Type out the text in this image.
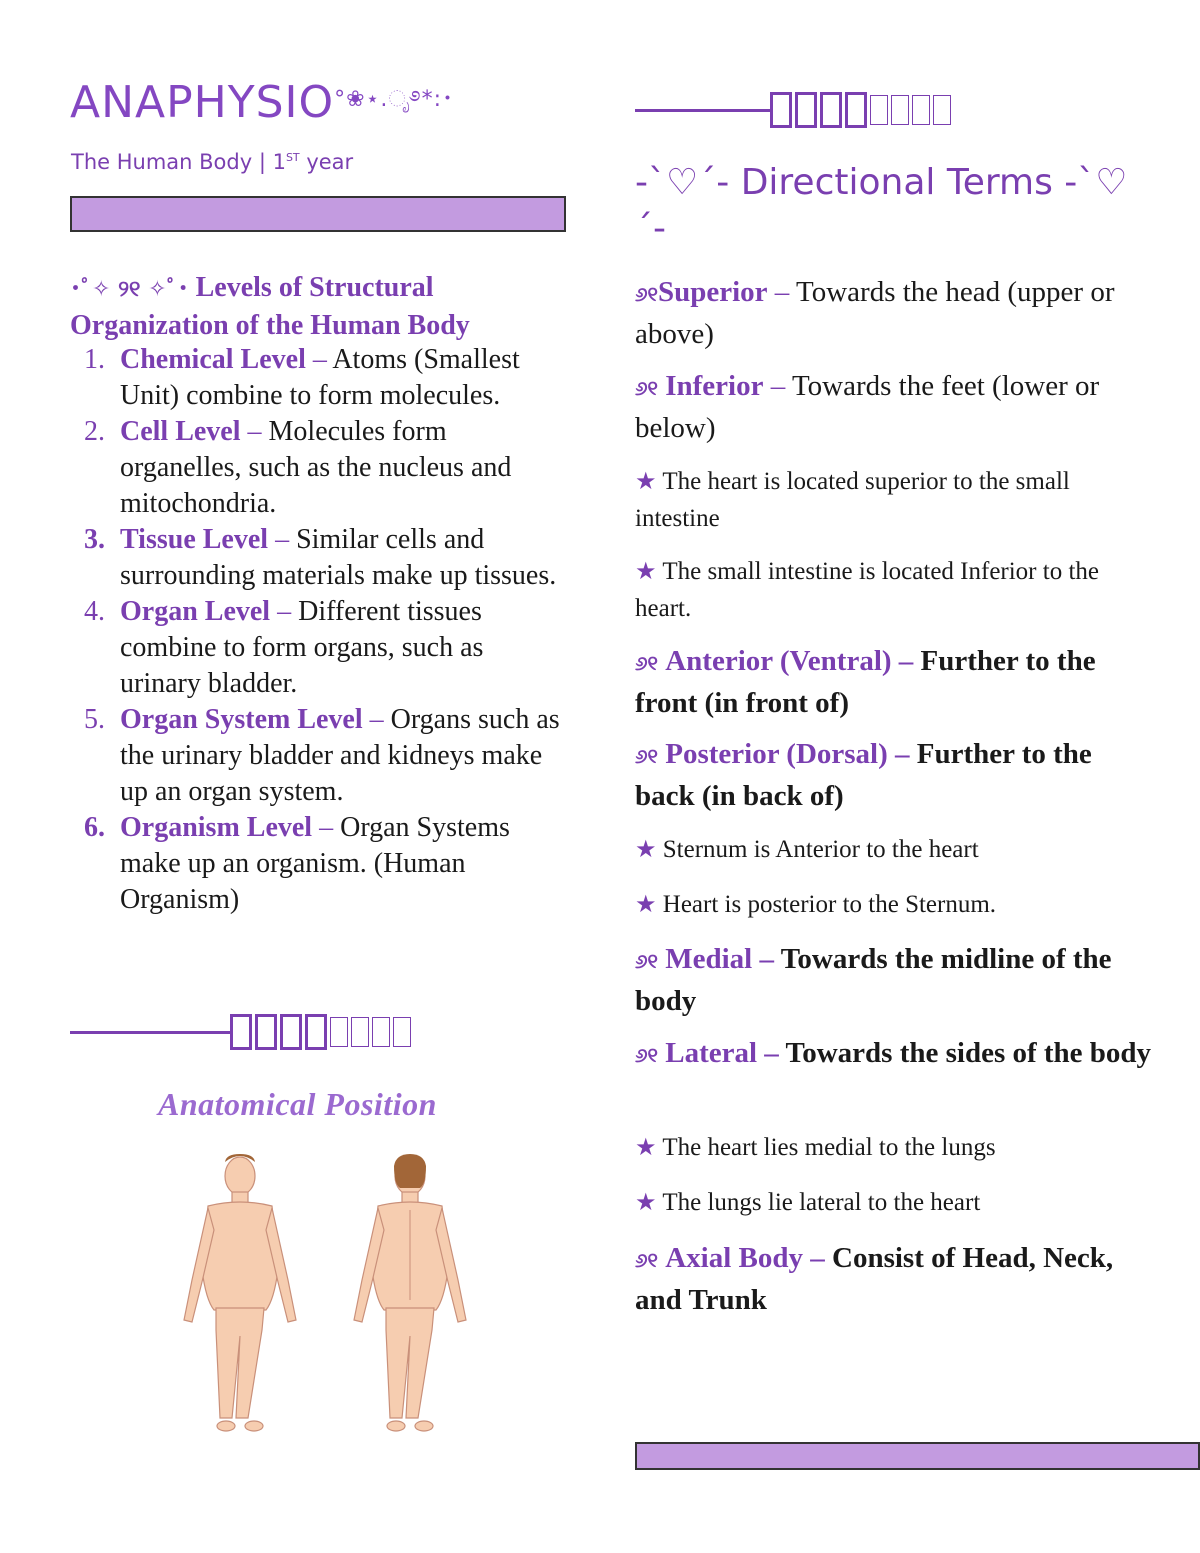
ANAPHYSIO°❀⋆.ೃ࿔*:･
The Human Body | 1ST year
･ﾟ✧ ୨୧ ✧ﾟ･ Levels of Structural Organization of the Human Body
1. Chemical Level – Atoms (Smallest Unit) combine to form molecules.
2. Cell Level – Molecules form organelles, such as the nucleus and mitochondria.
3. Tissue Level – Similar cells and surrounding materials make up tissues.
4. Organ Level – Different tissues combine to form organs, such as urinary bladder.
5. Organ System Level – Organs such as the urinary bladder and kidneys make up an organ system.
6. Organism Level – Organ Systems make up an organism. (Human Organism)
Anatomical Position
-`♡´- Directional Terms -`♡´-
୬୧Superior – Towards the head (upper or above)
୬୧ Inferior – Towards the feet (lower or below)
★ The heart is located superior to the small intestine
★ The small intestine is located Inferior to the heart.
୬୧ Anterior (Ventral) – Further to the front (in front of)
୬୧ Posterior (Dorsal) – Further to the back (in back of)
★ Sternum is Anterior to the heart
★ Heart is posterior to the Sternum.
୬୧ Medial – Towards the midline of the body
୬୧ Lateral – Towards the sides of the body
★ The heart lies medial to the lungs
★ The lungs lie lateral to the heart
୬୧ Axial Body – Consist of Head, Neck, and Trunk
